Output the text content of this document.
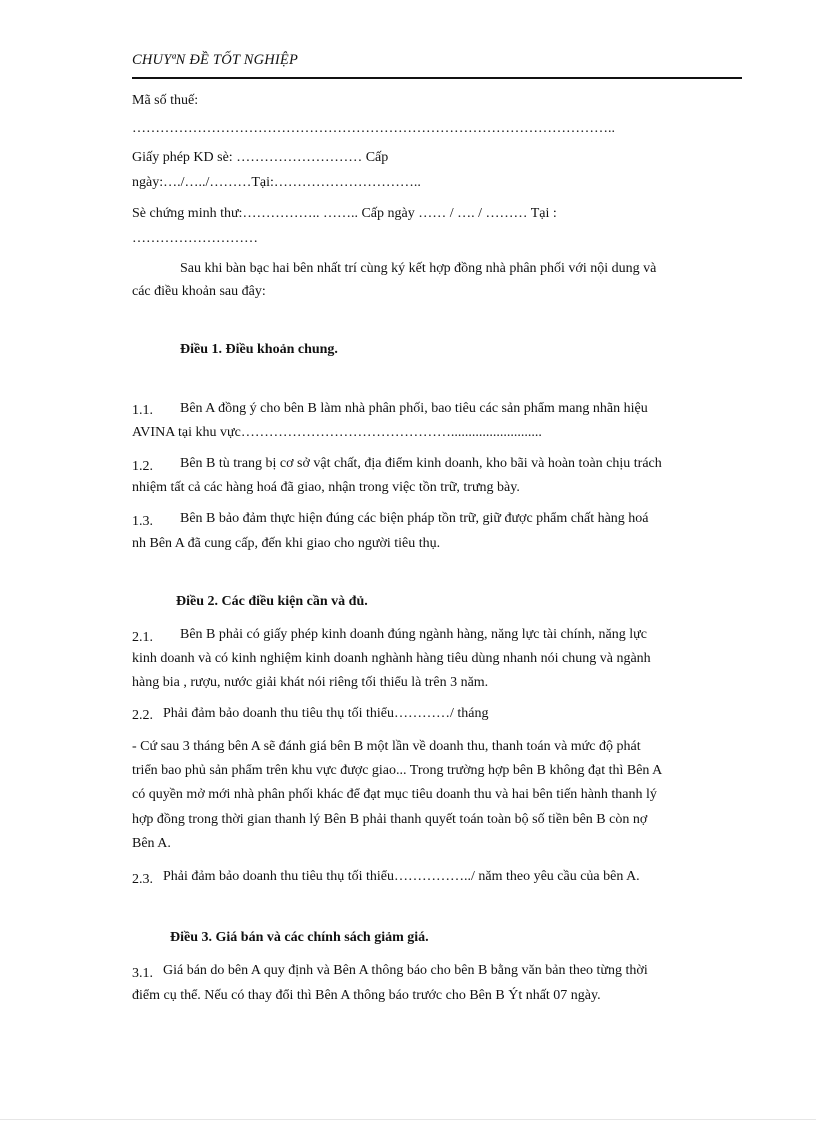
CHUYªN ĐỀ TỐT NGHIỆP
Mã số thuế:
…………………………………………………………………………………………..
Giấy phép KD sè: ……………………… Cấp
ngày:…./…../………Tại:…………………………..
Sè chứng minh thư:…………….. …….. Cấp ngày …… / …. / ……… Tại :
………………………
Sau khi bàn bạc hai bên nhất trí cùng ký kết hợp đồng nhà phân phối với nội dung và
các điều khoản sau đây:
Điều 1. Điều khoản chung.
1.1. Bên A đồng ý cho bên B làm nhà phân phối, bao tiêu các sản phẩm mang nhãn hiệu
AVINA tại khu vực………………………………………..........................
1.2. Bên B tù trang bị cơ sở vật chất, địa điểm kinh doanh, kho bãi và hoàn toàn chịu trách
nhiệm tất cả các hàng hoá đã giao, nhận trong việc tồn trữ, trưng bày.
1.3. Bên B bảo đảm thực hiện đúng các biện pháp tồn trữ, giữ được phẩm chất hàng hoá
nh Bên A đã cung cấp, đến khi giao cho người tiêu thụ.
Điều 2. Các điều kiện cần và đủ.
2.1. Bên B phải có giấy phép kinh doanh đúng ngành hàng, năng lực tài chính, năng lực
kinh doanh và có kinh nghiệm kinh doanh nghành hàng tiêu dùng nhanh nói chung và ngành
hàng bia , rượu, nước giải khát nói riêng tối thiểu là trên 3 năm.
2.2. Phải đảm bảo doanh thu tiêu thụ tối thiểu…………/ tháng
- Cứ sau 3 tháng bên A sẽ đánh giá bên B một lần về doanh thu, thanh toán và mức độ phát
triển bao phủ sản phẩm trên khu vực được giao... Trong trường hợp bên B không đạt thì Bên A
có quyền mở mới nhà phân phối khác để đạt mục tiêu doanh thu và hai bên tiến hành thanh lý
hợp đồng trong thời gian thanh lý Bên B phải thanh quyết toán toàn bộ số tiền bên B còn nợ
Bên A.
2.3. Phải đảm bảo doanh thu tiêu thụ tối thiểu……………../ năm theo yêu cầu của bên A.
Điều 3. Giá bán và các chính sách giảm giá.
3.1. Giá bán do bên A quy định và Bên A thông báo cho bên B bằng văn bản theo từng thời
điểm cụ thể. Nếu có thay đổi thì Bên A thông báo trước cho Bên B Ýt nhất 07 ngày.
